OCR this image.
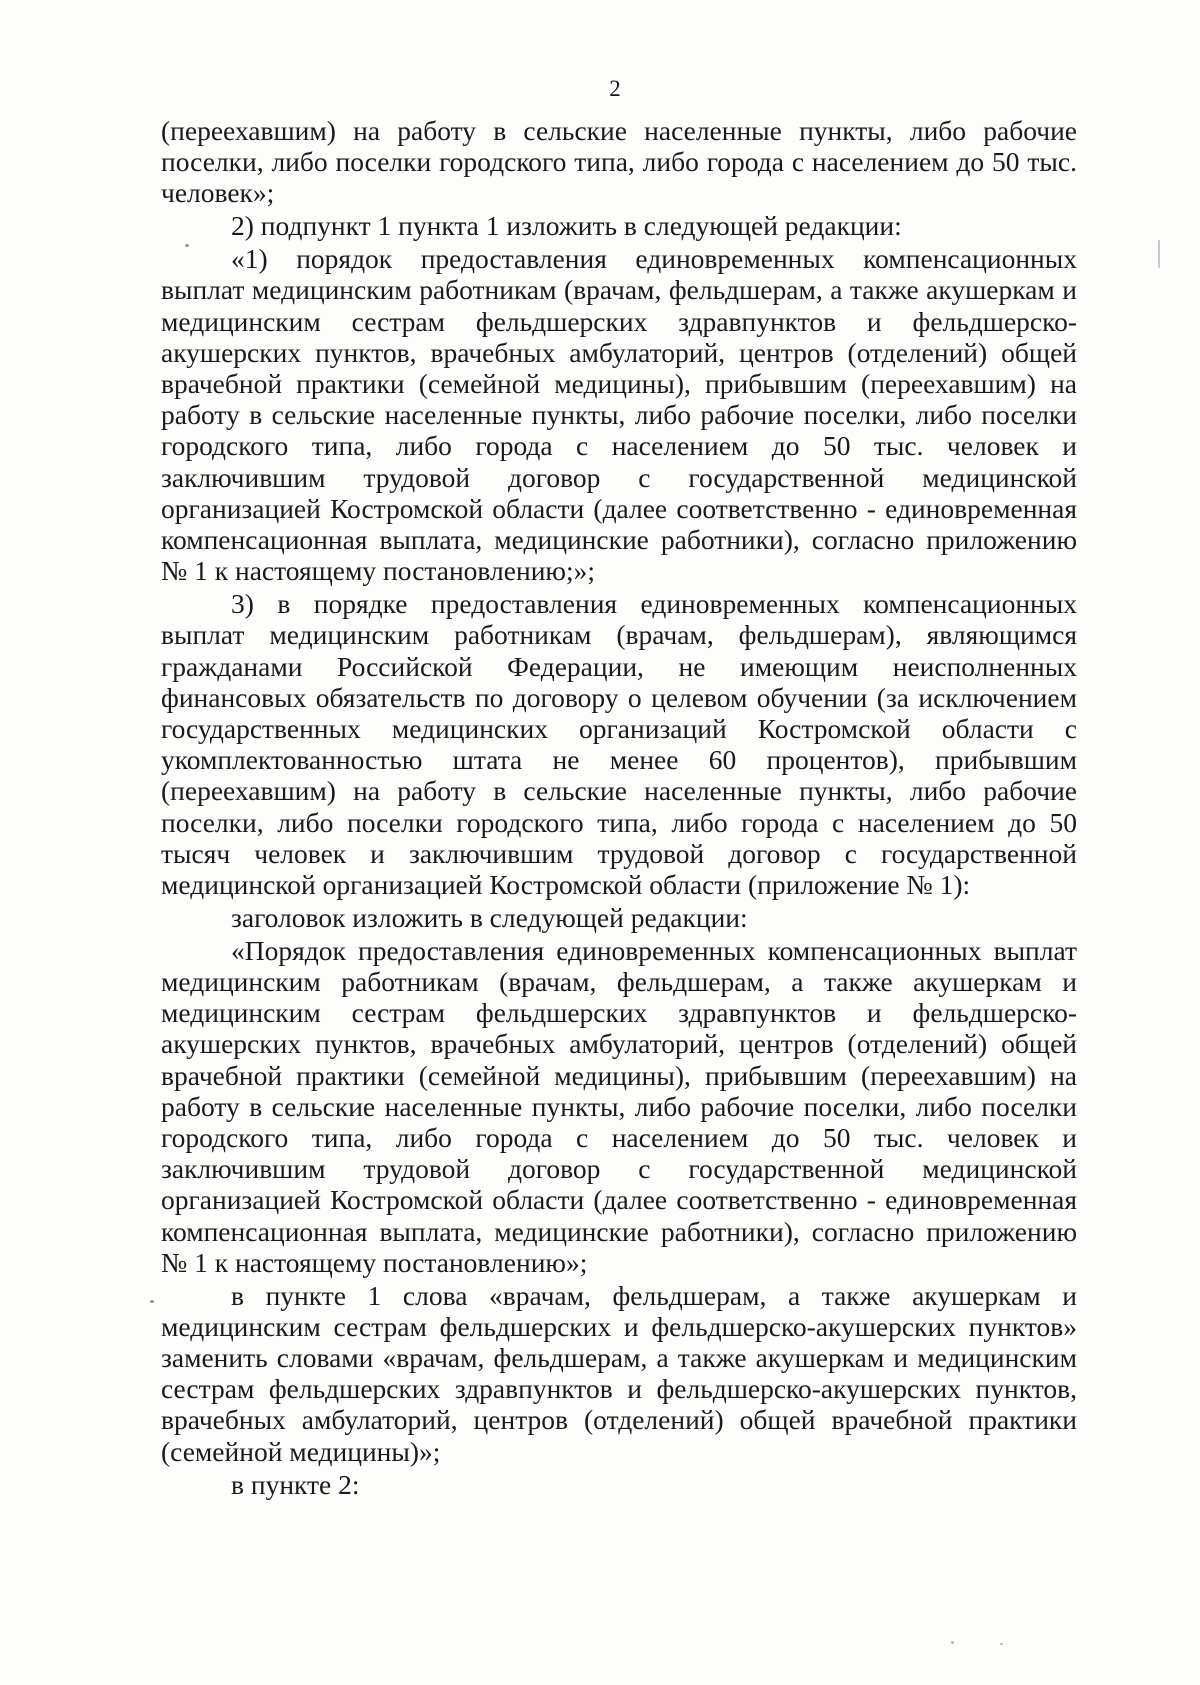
2

(переехавшим) на работу в сельские населенные пункты, либо рабочие поселки, либо поселки городского типа, либо города с населением до 50 тыс. человек»;

2) подпункт 1 пункта 1 изложить в следующей редакции:

«1) порядок предоставления единовременных компенсационных выплат медицинским работникам (врачам, фельдшерам, а также акушеркам и медицинским сестрам фельдшерских здравпунктов и фельдшерско-акушерских пунктов, врачебных амбулаторий, центров (отделений) общей врачебной практики (семейной медицины), прибывшим (переехавшим) на работу в сельские населенные пункты, либо рабочие поселки, либо поселки городского типа, либо города с населением до 50 тыс. человек и заключившим трудовой договор с государственной медицинской организацией Костромской области (далее соответственно - единовременная компенсационная выплата, медицинские работники), согласно приложению № 1 к настоящему постановлению;»;

3) в порядке предоставления единовременных компенсационных выплат медицинским работникам (врачам, фельдшерам), являющимся гражданами Российской Федерации, не имеющим неисполненных финансовых обязательств по договору о целевом обучении (за исключением государственных медицинских организаций Костромской области с укомплектованностью штата не менее 60 процентов), прибывшим (переехавшим) на работу в сельские населенные пункты, либо рабочие поселки, либо поселки городского типа, либо города с населением до 50 тысяч человек и заключившим трудовой договор с государственной медицинской организацией Костромской области (приложение № 1):

заголовок изложить в следующей редакции:

«Порядок предоставления единовременных компенсационных выплат медицинским работникам (врачам, фельдшерам, а также акушеркам и медицинским сестрам фельдшерских здравпунктов и фельдшерско-акушерских пунктов, врачебных амбулаторий, центров (отделений) общей врачебной практики (семейной медицины), прибывшим (переехавшим) на работу в сельские населенные пункты, либо рабочие поселки, либо поселки городского типа, либо города с населением до 50 тыс. человек и заключившим трудовой договор с государственной медицинской организацией Костромской области (далее соответственно - единовременная компенсационная выплата, медицинские работники), согласно приложению № 1 к настоящему постановлению»;

в пункте 1 слова «врачам, фельдшерам, а также акушеркам и медицинским сестрам фельдшерских и фельдшерско-акушерских пунктов» заменить словами «врачам, фельдшерам, а также акушеркам и медицинским сестрам фельдшерских здравпунктов и фельдшерско-акушерских пунктов, врачебных амбулаторий, центров (отделений) общей врачебной практики (семейной медицины)»;

в пункте 2:
